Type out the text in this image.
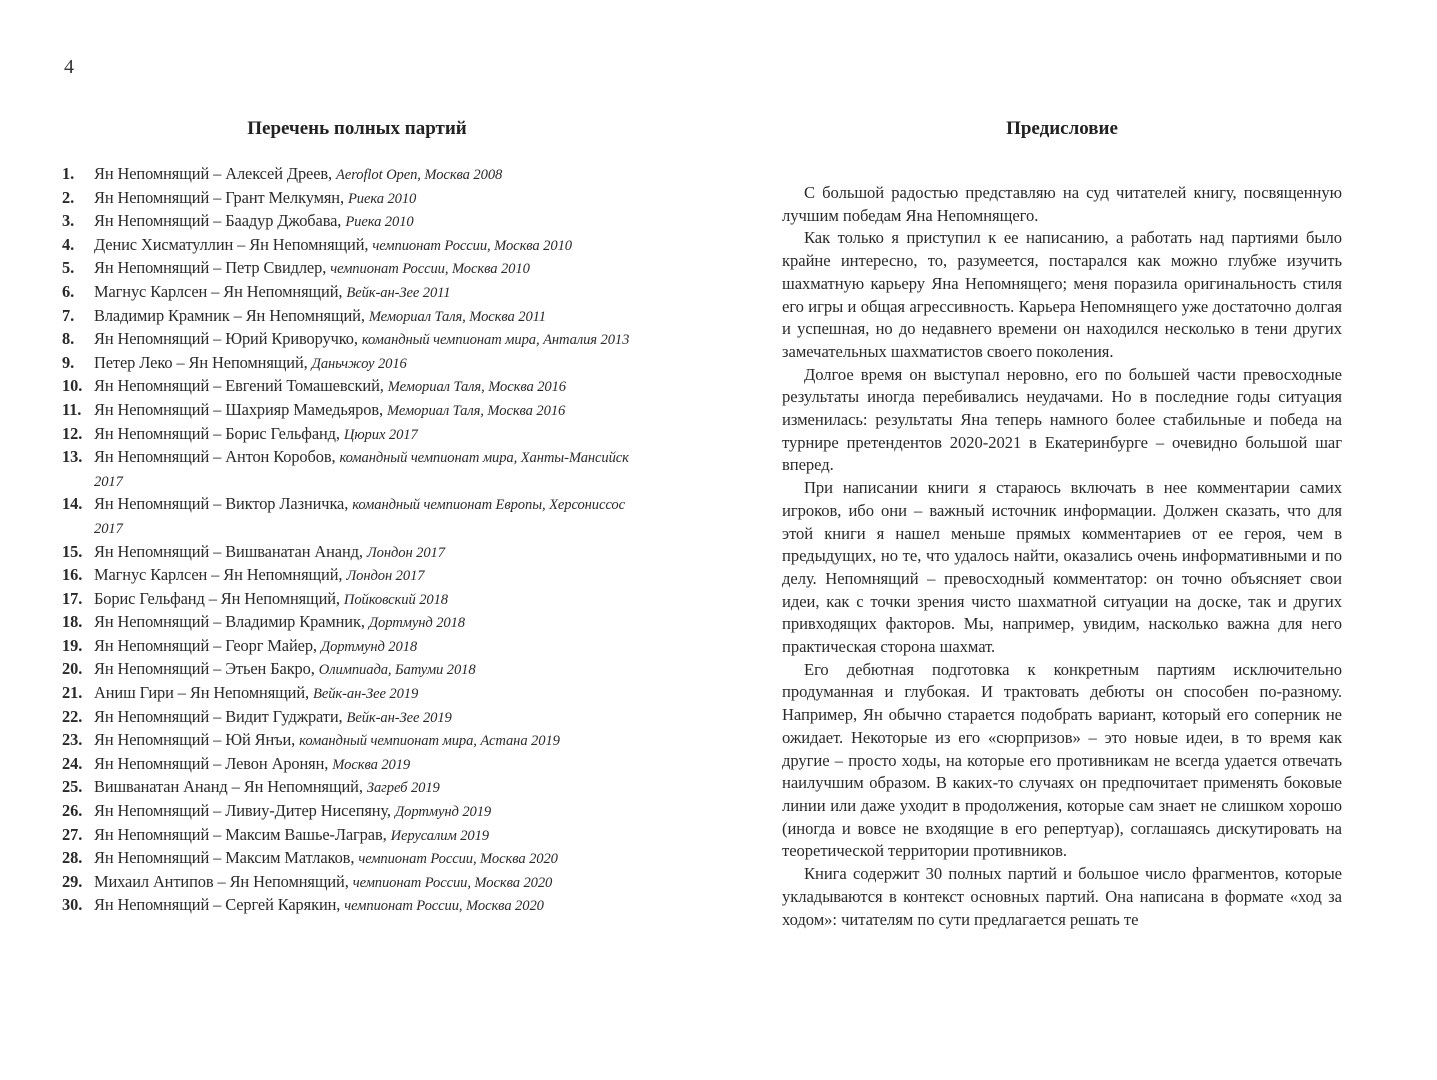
4
Перечень полных партий
1. Ян Непомнящий – Алексей Дреев, Aeroflot Open, Москва 2008
2. Ян Непомнящий – Грант Мелкумян, Риека 2010
3. Ян Непомнящий – Баадур Джобава, Риека 2010
4. Денис Хисматуллин – Ян Непомнящий, чемпионат России, Москва 2010
5. Ян Непомнящий – Петр Свидлер, чемпионат России, Москва 2010
6. Магнус Карлсен – Ян Непомнящий, Вейк-ан-Зее 2011
7. Владимир Крамник – Ян Непомнящий, Мемориал Таля, Москва 2011
8. Ян Непомнящий – Юрий Криворучко, командный чемпионат мира, Анталия 2013
9. Петер Леко – Ян Непомнящий, Даньчжоу 2016
10. Ян Непомнящий – Евгений Томашевский, Мемориал Таля, Москва 2016
11. Ян Непомнящий – Шахрияр Мамедьяров, Мемориал Таля, Москва 2016
12. Ян Непомнящий – Борис Гельфанд, Цюрих 2017
13. Ян Непомнящий – Антон Коробов, командный чемпионат мира, Ханты-Мансийск 2017
14. Ян Непомнящий – Виктор Лазничка, командный чемпионат Европы, Херсониссос 2017
15. Ян Непомнящий – Вишванатан Ананд, Лондон 2017
16. Магнус Карлсен – Ян Непомнящий, Лондон 2017
17. Борис Гельфанд – Ян Непомнящий, Пойковский 2018
18. Ян Непомнящий – Владимир Крамник, Дортмунд 2018
19. Ян Непомнящий – Георг Майер, Дортмунд 2018
20. Ян Непомнящий – Этьен Бакро, Олимпиада, Батуми 2018
21. Аниш Гири – Ян Непомнящий, Вейк-ан-Зее 2019
22. Ян Непомнящий – Видит Гуджрати, Вейк-ан-Зее 2019
23. Ян Непомнящий – Юй Янъи, командный чемпионат мира, Астана 2019
24. Ян Непомнящий – Левон Аронян, Москва 2019
25. Вишванатан Ананд – Ян Непомнящий, Загреб 2019
26. Ян Непомнящий – Ливиу-Дитер Нисепяну, Дортмунд 2019
27. Ян Непомнящий – Максим Вашье-Лаграв, Иерусалим 2019
28. Ян Непомнящий – Максим Матлаков, чемпионат России, Москва 2020
29. Михаил Антипов – Ян Непомнящий, чемпионат России, Москва 2020
30. Ян Непомнящий – Сергей Карякин, чемпионат России, Москва 2020
Предисловие

С большой радостью представляю на суд читателей книгу, посвященную лучшим победам Яна Непомнящего.

Как только я приступил к ее написанию, а работать над партиями было крайне интересно, то, разумеется, постарался как можно глубже изучить шахматную карьеру Яна Непомнящего; меня поразила оригинальность стиля его игры и общая агрессивность. Карьера Непомнящего уже достаточно долгая и успешная, но до недавнего времени он находился несколько в тени других замечательных шахматистов своего поколения.

Долгое время он выступал неровно, его по большей части превосходные результаты иногда перебивались неудачами. Но в последние годы ситуация изменилась: результаты Яна теперь намного более стабильные и победа на турнире претендентов 2020-2021 в Екатеринбурге – очевидно большой шаг вперед.

При написании книги я стараюсь включать в нее комментарии самих игроков, ибо они – важный источник информации. Должен сказать, что для этой книги я нашел меньше прямых комментариев от ее героя, чем в предыдущих, но те, что удалось найти, оказались очень информативными и по делу. Непомнящий – превосходный комментатор: он точно объясняет свои идеи, как с точки зрения чисто шахматной ситуации на доске, так и других привходящих факторов. Мы, например, увидим, насколько важна для него практическая сторона шахмат.

Его дебютная подготовка к конкретным партиям исключительно продуманная и глубокая. И трактовать дебюты он способен по-разному. Например, Ян обычно старается подобрать вариант, который его соперник не ожидает. Некоторые из его «сюрпризов» – это новые идеи, в то время как другие – просто ходы, на которые его противникам не всегда удается отвечать наилучшим образом. В каких-то случаях он предпочитает применять боковые линии или даже уходит в продолжения, которые сам знает не слишком хорошо (иногда и вовсе не входящие в его репертуар), соглашаясь дискутировать на теоретической территории противников.

Книга содержит 30 полных партий и большое число фрагментов, которые укладываются в контекст основных партий. Она написана в формате «ход за ходом»: читателям по сути предлагается решать те
